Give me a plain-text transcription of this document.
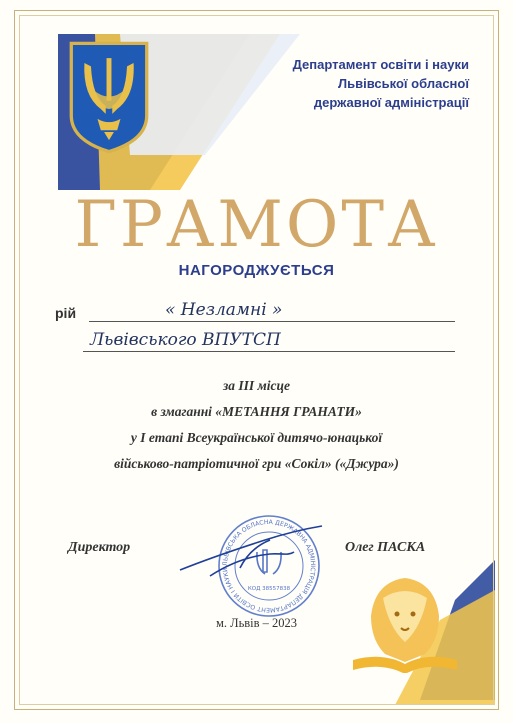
Департамент освіти і науки
Львівської обласної
державної адміністрації
ГРАМОТА
НАГОРОДЖУЄТЬСЯ
рій	« Незламні »
Львівського ВПУТСП
за ІІІ місце
в змаганні «МЕТАННЯ ГРАНАТИ»
у І етапі Всеукраїнської дитячо-юнацької
військово-патріотичної гри «Сокіл» («Джура»)
Директор	Олег ПАСКА
ЛЬВІВСЬКА ОБЛАСНА ДЕРЖАВНА АДМІНІСТРАЦІЯ ДЕПАРТАМЕНТ ОСВІТИ І НАУКИ
КОД 38557838
м. Львів – 2023
